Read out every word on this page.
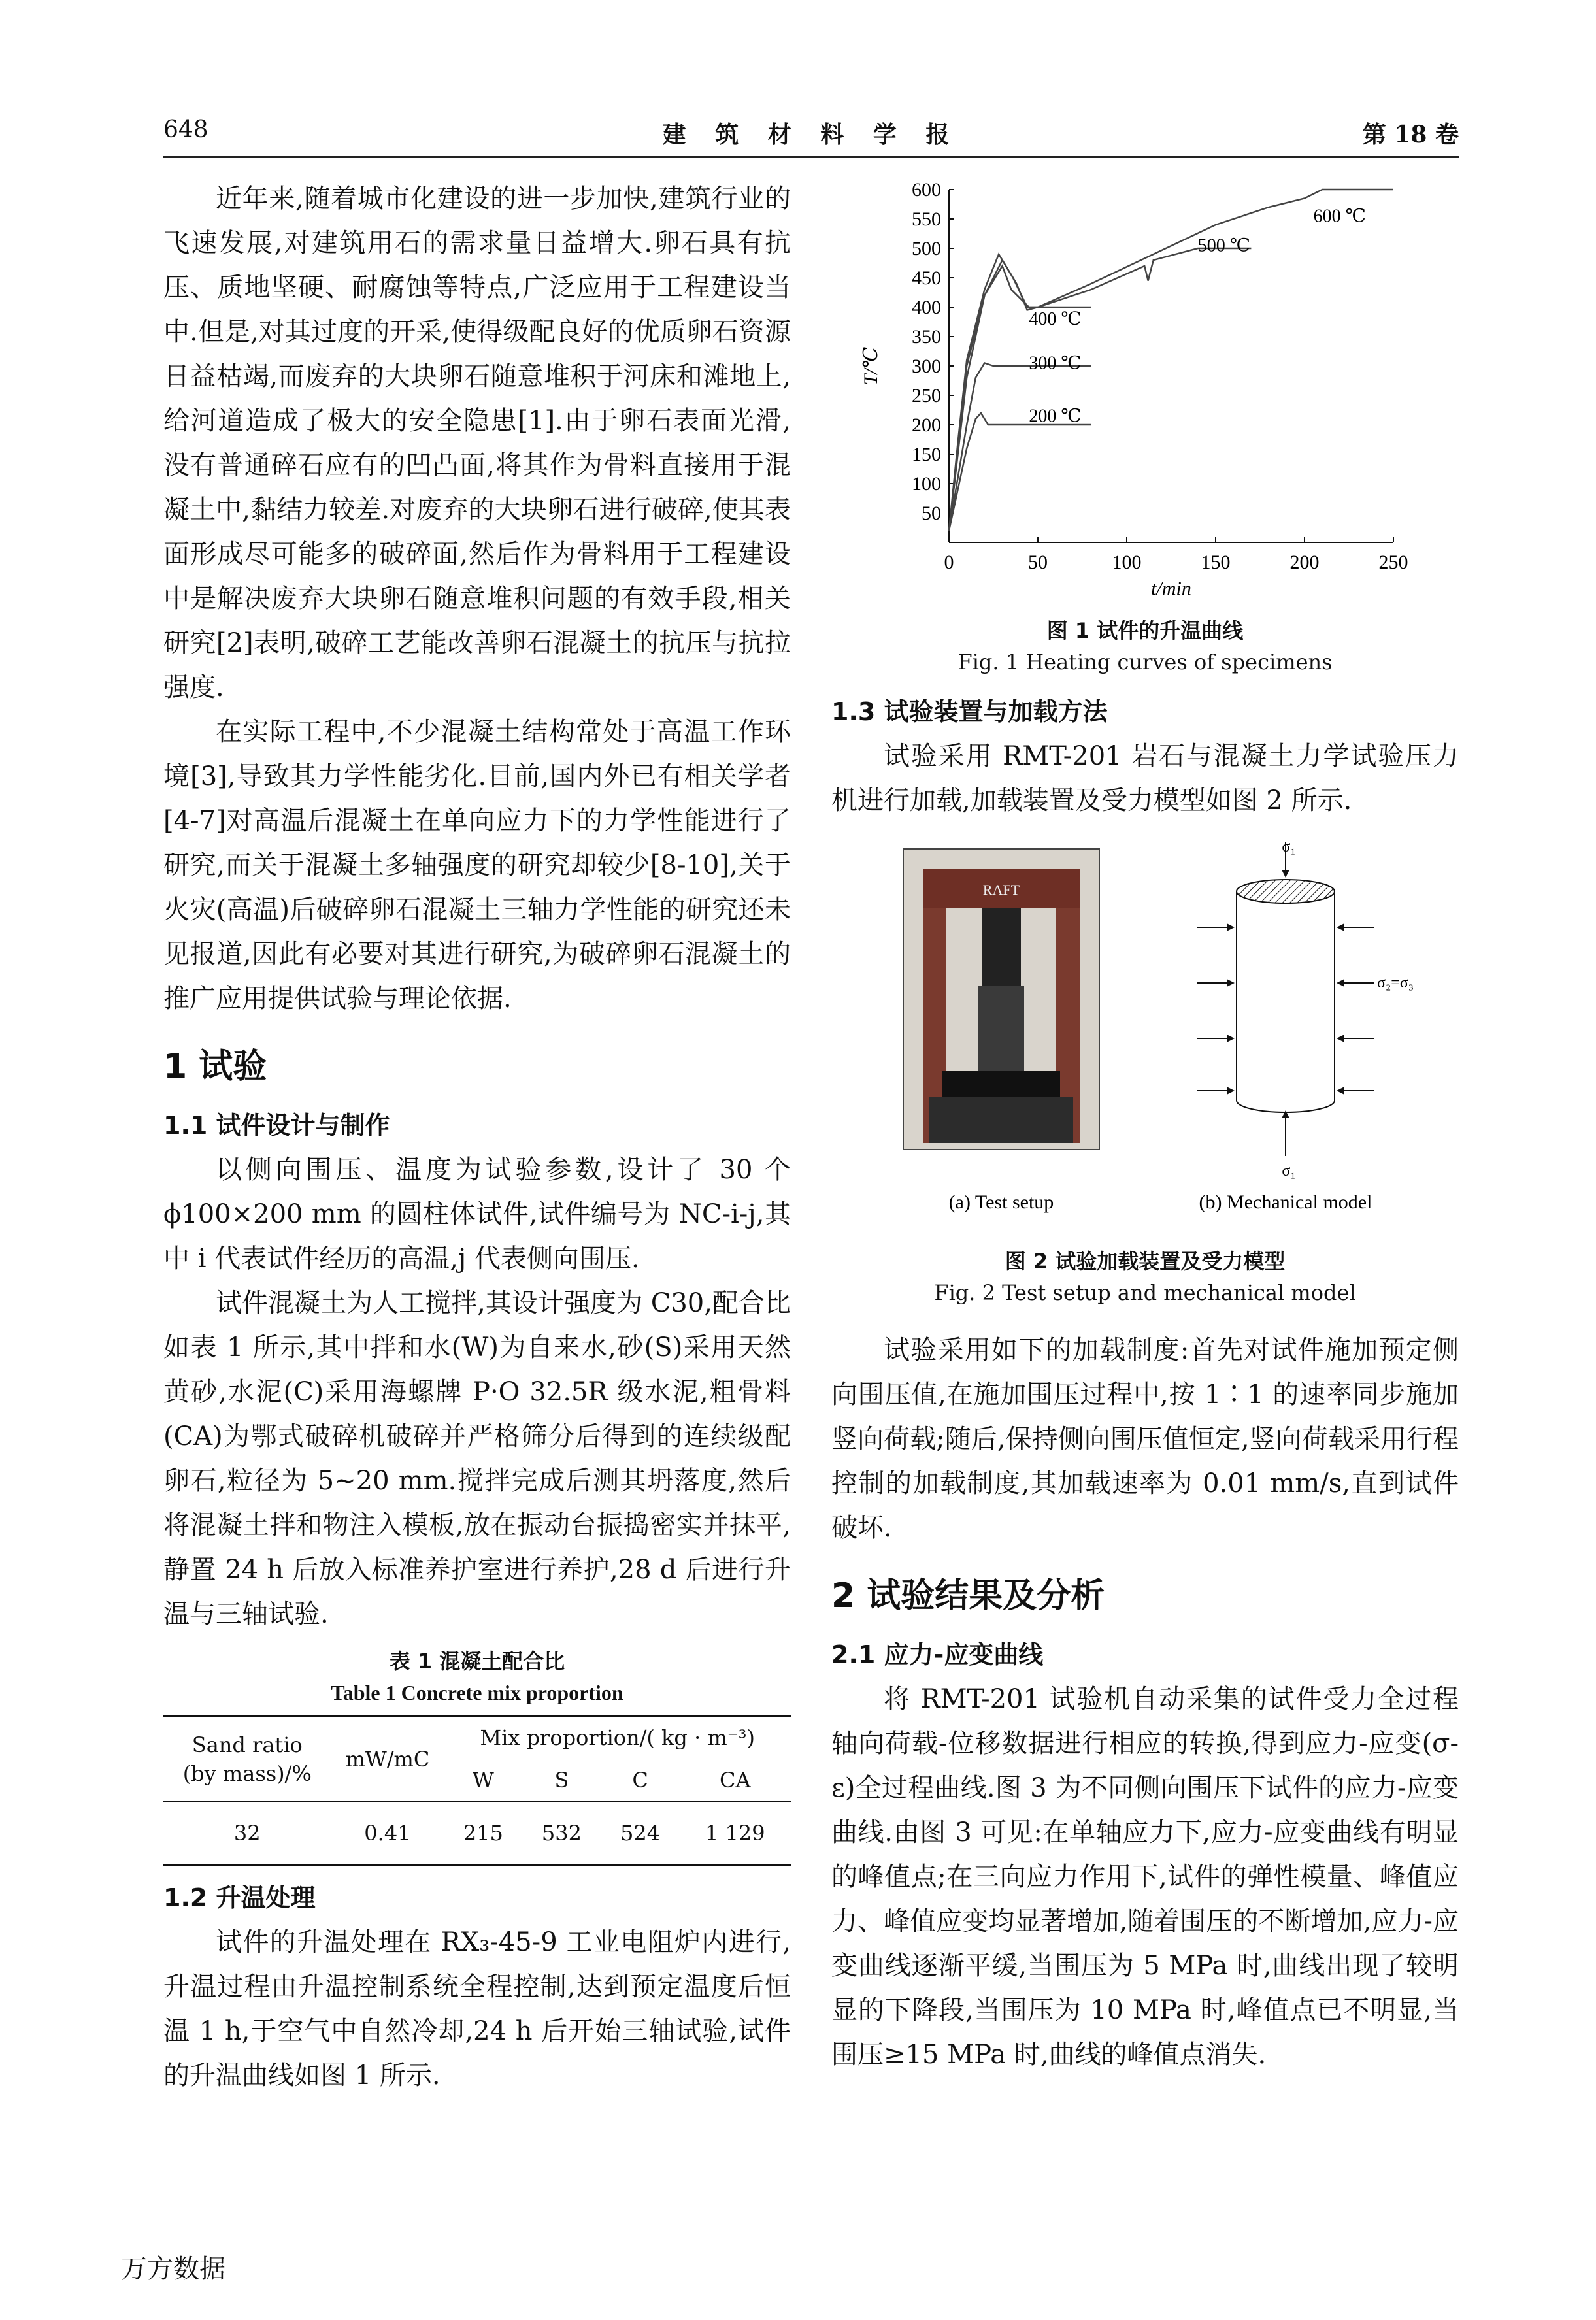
648	建 筑 材 料 学 报	第 18 卷

近年来,随着城市化建设的进一步加快,建筑行业的飞速发展,对建筑用石的需求量日益增大.卵石具有抗压、质地坚硬、耐腐蚀等特点,广泛应用于工程建设当中.但是,对其过度的开采,使得级配良好的优质卵石资源日益枯竭,而废弃的大块卵石随意堆积于河床和滩地上,给河道造成了极大的安全隐患[1].由于卵石表面光滑,没有普通碎石应有的凹凸面,将其作为骨料直接用于混凝土中,黏结力较差.对废弃的大块卵石进行破碎,使其表面形成尽可能多的破碎面,然后作为骨料用于工程建设中是解决废弃大块卵石随意堆积问题的有效手段,相关研究[2]表明,破碎工艺能改善卵石混凝土的抗压与抗拉强度.

在实际工程中,不少混凝土结构常处于高温工作环境[3],导致其力学性能劣化.目前,国内外已有相关学者[4-7]对高温后混凝土在单向应力下的力学性能进行了研究,而关于混凝土多轴强度的研究却较少[8-10],关于火灾(高温)后破碎卵石混凝土三轴力学性能的研究还未见报道,因此有必要对其进行研究,为破碎卵石混凝土的推广应用提供试验与理论依据.

1 试验
1.1 试件设计与制作

以侧向围压、温度为试验参数,设计了 30 个 ϕ100×200 mm 的圆柱体试件,试件编号为 NC-i-j,其中 i 代表试件经历的高温,j 代表侧向围压.

试件混凝土为人工搅拌,其设计强度为 C30,配合比如表 1 所示,其中拌和水(W)为自来水,砂(S)采用天然黄砂,水泥(C)采用海螺牌 P·O 32.5R 级水泥,粗骨料(CA)为鄂式破碎机破碎并严格筛分后得到的连续级配卵石,粒径为 5~20 mm.搅拌完成后测其坍落度,然后将混凝土拌和物注入模板,放在振动台振捣密实并抹平,静置 24 h 后放入标准养护室进行养护,28 d 后进行升温与三轴试验.

表 1 混凝土配合比
Table 1 Concrete mix proportion
Sand ratio
(by mass)/%	mW/mC	Mix proportion/( kg · m⁻³)			
		W	S	C	CA
32	0.41	215	532	524	1 129
1.2 升温处理

试件的升温处理在 RX₃-45-9 工业电阻炉内进行,升温过程由升温控制系统全程控制,达到预定温度后恒温 1 h,于空气中自然冷却,24 h 后开始三轴试验,试件的升温曲线如图 1 所示.

0	50	100	150	200	250
50
100
150
200
250
300
350
400
450
500
550
600
t/min
T/℃
600 ℃
500 ℃
400 ℃
300 ℃
200 ℃
图 1 试件的升温曲线
Fig. 1 Heating curves of specimens
1.3 试验装置与加载方法

试验采用 RMT-201 岩石与混凝土力学试验压力机进行加载,加载装置及受力模型如图 2 所示.

RAFT
σ₁
σ₁
σ₂=σ₃
(a) Test setup	(b) Mechanical model
图 2 试验加载装置及受力模型
Fig. 2 Test setup and mechanical model

试验采用如下的加载制度:首先对试件施加预定侧向围压值,在施加围压过程中,按 1∶1 的速率同步施加竖向荷载;随后,保持侧向围压值恒定,竖向荷载采用行程控制的加载制度,其加载速率为 0.01 mm/s,直到试件破坏.

2 试验结果及分析
2.1 应力-应变曲线

将 RMT-201 试验机自动采集的试件受力全过程轴向荷载-位移数据进行相应的转换,得到应力-应变(σ-ε)全过程曲线.图 3 为不同侧向围压下试件的应力-应变曲线.由图 3 可见:在单轴应力下,应力-应变曲线有明显的峰值点;在三向应力作用下,试件的弹性模量、峰值应力、峰值应变均显著增加,随着围压的不断增加,应力-应变曲线逐渐平缓,当围压为 5 MPa 时,曲线出现了较明显的下降段,当围压为 10 MPa 时,峰值点已不明显,当围压≥15 MPa 时,曲线的峰值点消失.

万方数据
